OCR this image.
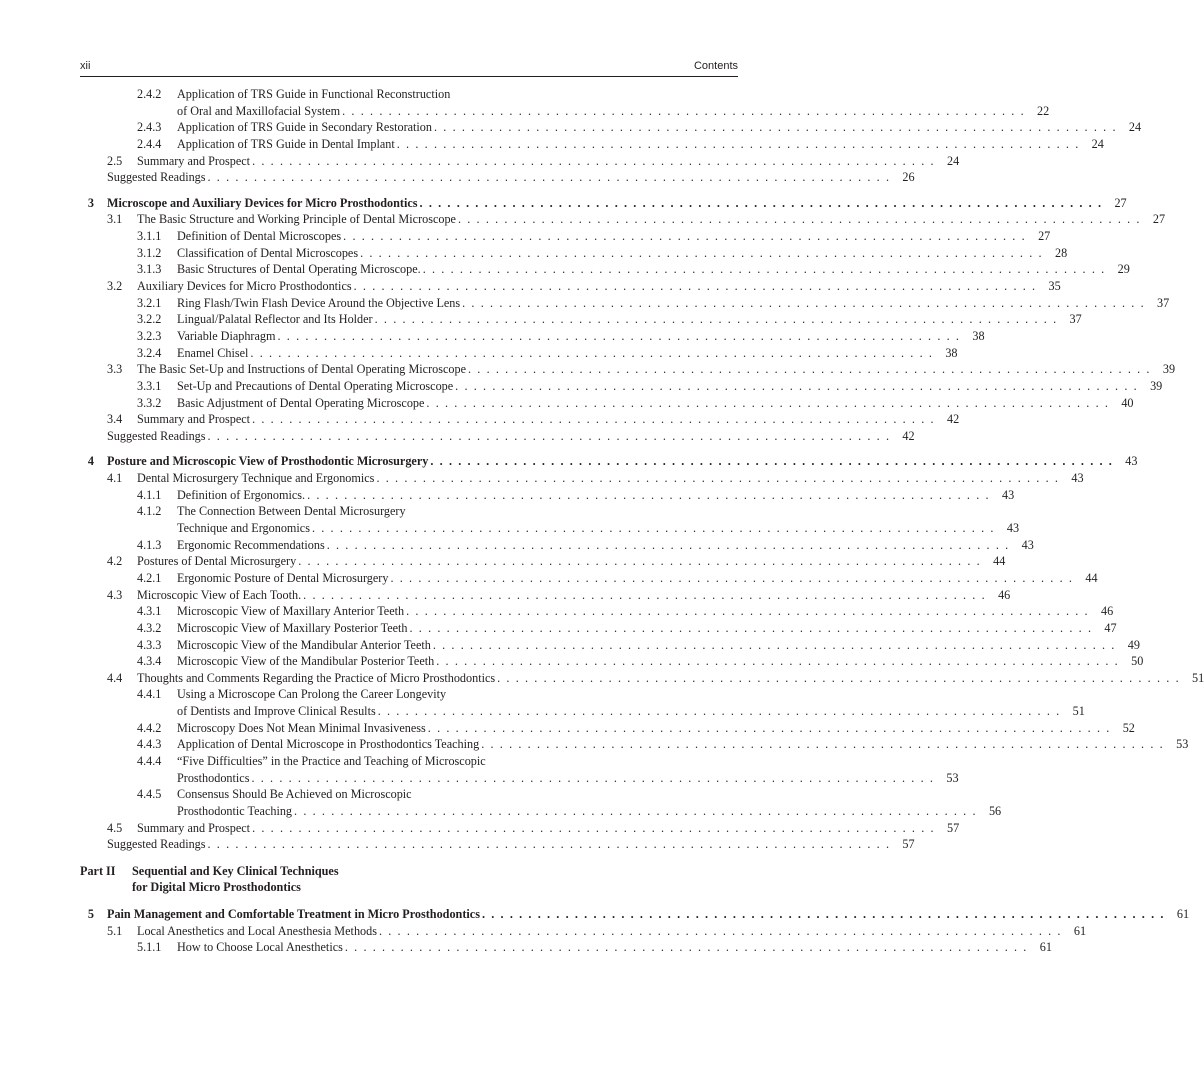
xii	Contents
2.4.2 Application of TRS Guide in Functional Reconstruction
of Oral and Maxillofacial System . . . . . . . . . . . . . . . . . . . . . . . . . . . . . . . . . . . . . . . . . . . . . . . . . . . . . . . . . . . . . . . . . . . . . . . . . . 22
2.4.3 Application of TRS Guide in Secondary Restoration . . . . . . . . . . . . . . . . . . . . . . . . . . . . . . . . . . . . . . . . . . . . . . . . . . . . . . . . . . . . . . . . . . . . . . . . . . 24
2.4.4 Application of TRS Guide in Dental Implant . . . . . . . . . . . . . . . . . . . . . . . . . . . . . . . . . . . . . . . . . . . . . . . . . . . . . . . . . . . . . . . . . . . . . . . . . . 24
2.5 Summary and Prospect . . . . . . . . . . . . . . . . . . . . . . . . . . . . . . . . . . . . . . . . . . . . . . . . . . . . . . . . . . . . . . . . . . . . . . . . . . 24
Suggested Readings . . . . . . . . . . . . . . . . . . . . . . . . . . . . . . . . . . . . . . . . . . . . . . . . . . . . . . . . . . . . . . . . . . . . . . . . . . 26
3 Microscope and Auxiliary Devices for Micro Prosthodontics . . . . . . . . . . . . . . . . . . . . . . . . . . . . . . . . . . . . . . . . . . . . . . . . . . . . . . . . . . . . . . . . . . . . . . . . . . 27
3.1 The Basic Structure and Working Principle of Dental Microscope . . . . . . . . . . . . . . . . . . . . . . . . . . . . . . . . . . . . . . . . . . . . . . . . . . . . . . . . . . . . . . . . . . . . . . . . . . 27
3.1.1 Definition of Dental Microscopes . . . . . . . . . . . . . . . . . . . . . . . . . . . . . . . . . . . . . . . . . . . . . . . . . . . . . . . . . . . . . . . . . . . . . . . . . . 27
3.1.2 Classification of Dental Microscopes . . . . . . . . . . . . . . . . . . . . . . . . . . . . . . . . . . . . . . . . . . . . . . . . . . . . . . . . . . . . . . . . . . . . . . . . . . 28
3.1.3 Basic Structures of Dental Operating Microscope. . . . . . . . . . . . . . . . . . . . . . . . . . . . . . . . . . . . . . . . . . . . . . . . . . . . . . . . . . . . . . . . . . . . . . . . . . . 29
3.2 Auxiliary Devices for Micro Prosthodontics . . . . . . . . . . . . . . . . . . . . . . . . . . . . . . . . . . . . . . . . . . . . . . . . . . . . . . . . . . . . . . . . . . . . . . . . . . 35
3.2.1 Ring Flash/Twin Flash Device Around the Objective Lens . . . . . . . . . . . . . . . . . . . . . . . . . . . . . . . . . . . . . . . . . . . . . . . . . . . . . . . . . . . . . . . . . . . . . . . . . . 37
3.2.2 Lingual/Palatal Reflector and Its Holder . . . . . . . . . . . . . . . . . . . . . . . . . . . . . . . . . . . . . . . . . . . . . . . . . . . . . . . . . . . . . . . . . . . . . . . . . . 37
3.2.3 Variable Diaphragm . . . . . . . . . . . . . . . . . . . . . . . . . . . . . . . . . . . . . . . . . . . . . . . . . . . . . . . . . . . . . . . . . . . . . . . . . . 38
3.2.4 Enamel Chisel . . . . . . . . . . . . . . . . . . . . . . . . . . . . . . . . . . . . . . . . . . . . . . . . . . . . . . . . . . . . . . . . . . . . . . . . . . 38
3.3 The Basic Set-Up and Instructions of Dental Operating Microscope . . . . . . . . . . . . . . . . . . . . . . . . . . . . . . . . . . . . . . . . . . . . . . . . . . . . . . . . . . . . . . . . . . . . . . . . . . 39
3.3.1 Set-Up and Precautions of Dental Operating Microscope . . . . . . . . . . . . . . . . . . . . . . . . . . . . . . . . . . . . . . . . . . . . . . . . . . . . . . . . . . . . . . . . . . . . . . . . . . 39
3.3.2 Basic Adjustment of Dental Operating Microscope . . . . . . . . . . . . . . . . . . . . . . . . . . . . . . . . . . . . . . . . . . . . . . . . . . . . . . . . . . . . . . . . . . . . . . . . . . 40
3.4 Summary and Prospect . . . . . . . . . . . . . . . . . . . . . . . . . . . . . . . . . . . . . . . . . . . . . . . . . . . . . . . . . . . . . . . . . . . . . . . . . . 42
Suggested Readings . . . . . . . . . . . . . . . . . . . . . . . . . . . . . . . . . . . . . . . . . . . . . . . . . . . . . . . . . . . . . . . . . . . . . . . . . . 42
4 Posture and Microscopic View of Prosthodontic Microsurgery . . . . . . . . . . . . . . . . . . . . . . . . . . . . . . . . . . . . . . . . . . . . . . . . . . . . . . . . . . . . . . . . . . . . . . . . . . 43
4.1 Dental Microsurgery Technique and Ergonomics . . . . . . . . . . . . . . . . . . . . . . . . . . . . . . . . . . . . . . . . . . . . . . . . . . . . . . . . . . . . . . . . . . . . . . . . . . 43
4.1.1 Definition of Ergonomics. . . . . . . . . . . . . . . . . . . . . . . . . . . . . . . . . . . . . . . . . . . . . . . . . . . . . . . . . . . . . . . . . . . . . . . . . . . 43
4.1.2 The Connection Between Dental Microsurgery
Technique and Ergonomics . . . . . . . . . . . . . . . . . . . . . . . . . . . . . . . . . . . . . . . . . . . . . . . . . . . . . . . . . . . . . . . . . . . . . . . . . . 43
4.1.3 Ergonomic Recommendations . . . . . . . . . . . . . . . . . . . . . . . . . . . . . . . . . . . . . . . . . . . . . . . . . . . . . . . . . . . . . . . . . . . . . . . . . . 43
4.2 Postures of Dental Microsurgery . . . . . . . . . . . . . . . . . . . . . . . . . . . . . . . . . . . . . . . . . . . . . . . . . . . . . . . . . . . . . . . . . . . . . . . . . . 44
4.2.1 Ergonomic Posture of Dental Microsurgery . . . . . . . . . . . . . . . . . . . . . . . . . . . . . . . . . . . . . . . . . . . . . . . . . . . . . . . . . . . . . . . . . . . . . . . . . . 44
4.3 Microscopic View of Each Tooth. . . . . . . . . . . . . . . . . . . . . . . . . . . . . . . . . . . . . . . . . . . . . . . . . . . . . . . . . . . . . . . . . . . . . . . . . . . 46
4.3.1 Microscopic View of Maxillary Anterior Teeth . . . . . . . . . . . . . . . . . . . . . . . . . . . . . . . . . . . . . . . . . . . . . . . . . . . . . . . . . . . . . . . . . . . . . . . . . . 46
4.3.2 Microscopic View of Maxillary Posterior Teeth . . . . . . . . . . . . . . . . . . . . . . . . . . . . . . . . . . . . . . . . . . . . . . . . . . . . . . . . . . . . . . . . . . . . . . . . . . 47
4.3.3 Microscopic View of the Mandibular Anterior Teeth . . . . . . . . . . . . . . . . . . . . . . . . . . . . . . . . . . . . . . . . . . . . . . . . . . . . . . . . . . . . . . . . . . . . . . . . . . 49
4.3.4 Microscopic View of the Mandibular Posterior Teeth . . . . . . . . . . . . . . . . . . . . . . . . . . . . . . . . . . . . . . . . . . . . . . . . . . . . . . . . . . . . . . . . . . . . . . . . . . 50
4.4 Thoughts and Comments Regarding the Practice of Micro Prosthodontics . . . . . . . . . . . . . . . . . . . . . . . . . . . . . . . . . . . . . . . . . . . . . . . . . . . . . . . . . . . . . . . . . . . . . . . . . . 51
4.4.1 Using a Microscope Can Prolong the Career Longevity
of Dentists and Improve Clinical Results . . . . . . . . . . . . . . . . . . . . . . . . . . . . . . . . . . . . . . . . . . . . . . . . . . . . . . . . . . . . . . . . . . . . . . . . . . 51
4.4.2 Microscopy Does Not Mean Minimal Invasiveness . . . . . . . . . . . . . . . . . . . . . . . . . . . . . . . . . . . . . . . . . . . . . . . . . . . . . . . . . . . . . . . . . . . . . . . . . . 52
4.4.3 Application of Dental Microscope in Prosthodontics Teaching . . . . . . . . . . . . . . . . . . . . . . . . . . . . . . . . . . . . . . . . . . . . . . . . . . . . . . . . . . . . . . . . . . . . . . . . . . 53
4.4.4 “Five Difficulties” in the Practice and Teaching of Microscopic
Prosthodontics . . . . . . . . . . . . . . . . . . . . . . . . . . . . . . . . . . . . . . . . . . . . . . . . . . . . . . . . . . . . . . . . . . . . . . . . . . 53
4.4.5 Consensus Should Be Achieved on Microscopic
Prosthodontic Teaching . . . . . . . . . . . . . . . . . . . . . . . . . . . . . . . . . . . . . . . . . . . . . . . . . . . . . . . . . . . . . . . . . . . . . . . . . . 56
4.5 Summary and Prospect . . . . . . . . . . . . . . . . . . . . . . . . . . . . . . . . . . . . . . . . . . . . . . . . . . . . . . . . . . . . . . . . . . . . . . . . . . 57
Suggested Readings . . . . . . . . . . . . . . . . . . . . . . . . . . . . . . . . . . . . . . . . . . . . . . . . . . . . . . . . . . . . . . . . . . . . . . . . . . 57
Part II Sequential and Key Clinical Techniques
for Digital Micro Prosthodontics
5 Pain Management and Comfortable Treatment in Micro Prosthodontics . . . . . . . . . . . . . . . . . . . . . . . . . . . . . . . . . . . . . . . . . . . . . . . . . . . . . . . . . . . . . . . . . . . . . . . . . . 61
5.1 Local Anesthetics and Local Anesthesia Methods . . . . . . . . . . . . . . . . . . . . . . . . . . . . . . . . . . . . . . . . . . . . . . . . . . . . . . . . . . . . . . . . . . . . . . . . . . 61
5.1.1 How to Choose Local Anesthetics . . . . . . . . . . . . . . . . . . . . . . . . . . . . . . . . . . . . . . . . . . . . . . . . . . . . . . . . . . . . . . . . . . . . . . . . . . 61
